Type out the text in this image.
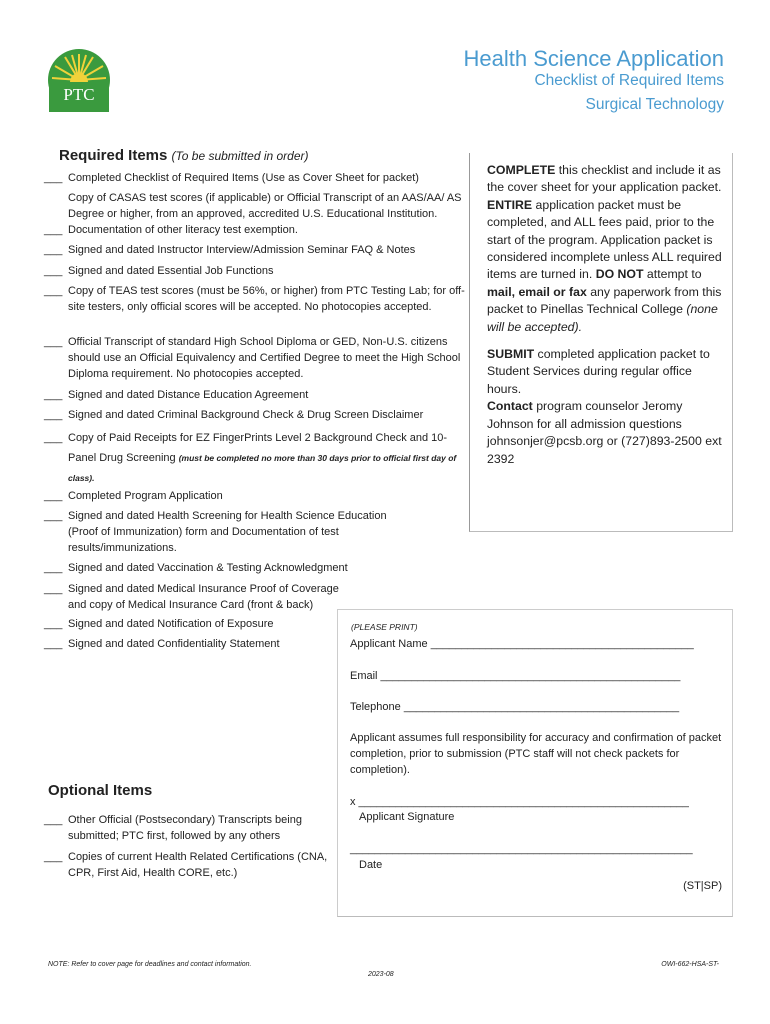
PTC
Health Science Application
Checklist of Required Items
Surgical Technology
Required Items (To be submitted in order)
___ Completed Checklist of Required Items (Use as Cover Sheet for packet)
___
Copy of CASAS test scores (if applicable) or Official Transcript of an AAS/AA/ AS Degree or higher, from an approved, accredited U.S. Educational Institution. Documentation of other literacy test exemption.
___ Signed and dated Instructor Interview/Admission Seminar FAQ & Notes
___ Signed and dated Essential Job Functions
___ Copy of TEAS test scores (must be 56%, or higher) from PTC Testing Lab; for off-site testers, only official scores will be accepted. No photocopies accepted.
___ Official Transcript of standard High School Diploma or GED, Non-U.S. citizens should use an Official Equivalency and Certified Degree to meet the High School Diploma requirement. No photocopies accepted.
___ Signed and dated Distance Education Agreement
___ Signed and dated Criminal Background Check & Drug Screen Disclaimer
___ Copy of Paid Receipts for EZ FingerPrints Level 2 Background Check and 10-Panel Drug Screening (must be completed no more than 30 days prior to official first day of class).
___ Completed Program Application
___ Signed and dated Health Screening for Health Science Education (Proof of Immunization) form and Documentation of test results/immunizations.
___ Signed and dated Vaccination & Testing Acknowledgment
___ Signed and dated Medical Insurance Proof of Coverage and copy of Medical Insurance Card (front & back)
___ Signed and dated Notification of Exposure
___ Signed and dated Confidentiality Statement

COMPLETE this checklist and include it as the cover sheet for your application packet. ENTIRE application packet must be completed, and ALL fees paid, prior to the start of the program. Application packet is considered incomplete unless ALL required items are turned in. DO NOT attempt to mail, email or fax any paperwork from this packet to Pinellas Technical College (none will be accepted).

SUBMIT completed application packet to Student Services during regular office hours.

Contact program counselor Jeromy Johnson for all admission questions johnsonjer@pcsb.org or (727)893-2500 ext 2392

(PLEASE PRINT)
Applicant Name ___________________________________________
Email _________________________________________________
Telephone _____________________________________________
Applicant assumes full responsibility for accuracy and confirmation of packet completion, prior to submission (PTC staff will not check packets for completion).
x ______________________________________________________
Applicant Signature
________________________________________________________
Date
(ST|SP)
Optional Items
___ Other Official (Postsecondary) Transcripts being submitted; PTC first, followed by any others
___ Copies of current Health Related Certifications (CNA, CPR, First Aid, Health CORE, etc.)
NOTE: Refer to cover page for deadlines and contact information.	OWI-662-HSA-ST-
2023-08
